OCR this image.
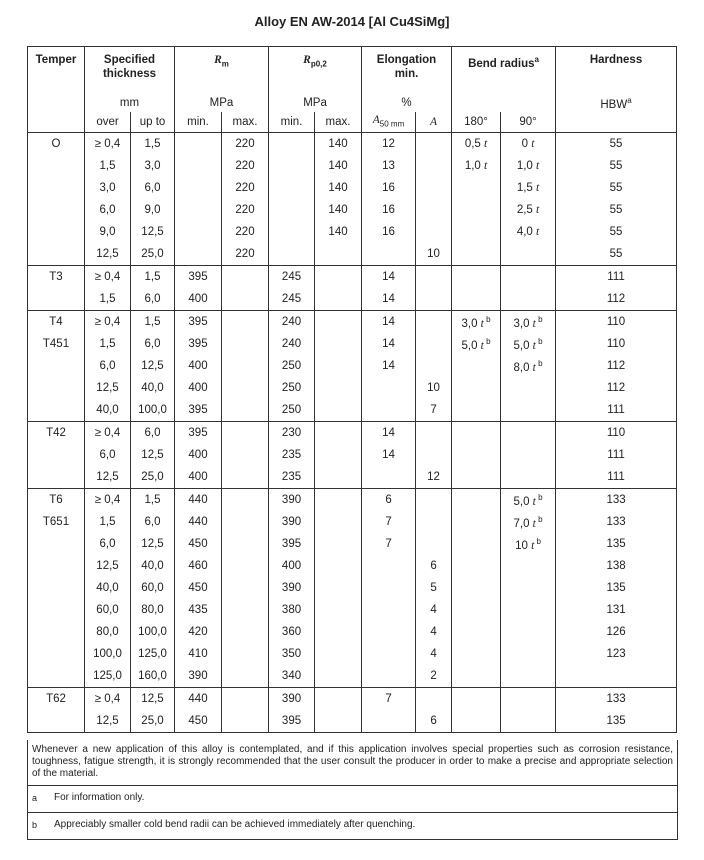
Alloy EN AW-2014 [Al Cu4SiMg]
Temper	Specified thickness		$R_m$		$R_{p0,2}$		Elongation min.		Bend radius$^a$		Hardness
	mm		MPa		MPa		%				HBW$^a$
	over	up to	min.	max.	min.	max.	$A_{50 mm}$	A	180°	90°	
O	≥ 0,4	1,5		220		140	12		0,5 t	0 t	55
	1,5	3,0		220		140	13		1,0 t	1,0 t	55
	3,0	6,0		220		140	16			1,5 t	55
	6,0	9,0		220		140	16			2,5 t	55
	9,0	12,5		220		140	16			4,0 t	55
	12,5	25,0		220				10			55
T3	≥ 0,4	1,5	395		245		14				111
	1,5	6,0	400		245		14				112
T4	≥ 0,4	1,5	395		240		14		3,0 t $^b$	3,0 t $^b$	110
T451	1,5	6,0	395		240		14		5,0 t $^b$	5,0 t $^b$	110
	6,0	12,5	400		250		14			8,0 t $^b$	112
	12,5	40,0	400		250			10			112
	40,0	100,0	395		250			7			111
T42	≥ 0,4	6,0	395		230		14				110
	6,0	12,5	400		235		14				111
	12,5	25,0	400		235			12			111
T6	≥ 0,4	1,5	440		390		6			5,0 t $^b$	133
T651	1,5	6,0	440		390		7			7,0 t $^b$	133
	6,0	12,5	450		395		7			10 t $^b$	135
	12,5	40,0	460		400			6			138
	40,0	60,0	450		390			5			135
	60,0	80,0	435		380			4			131
	80,0	100,0	420		360			4			126
	100,0	125,0	410		350			4			123
	125,0	160,0	390		340			2			
T62	≥ 0,4	12,5	440		390		7				133
	12,5	25,0	450		395			6			135
Whenever a new application of this alloy is contemplated, and if this application involves special properties such as corrosion resistance, toughness, fatigue strength, it is strongly recommended that the user consult the producer in order to make a precise and appropriate selection of the material.
a For information only.
b Appreciably smaller cold bend radii can be achieved immediately after quenching.
